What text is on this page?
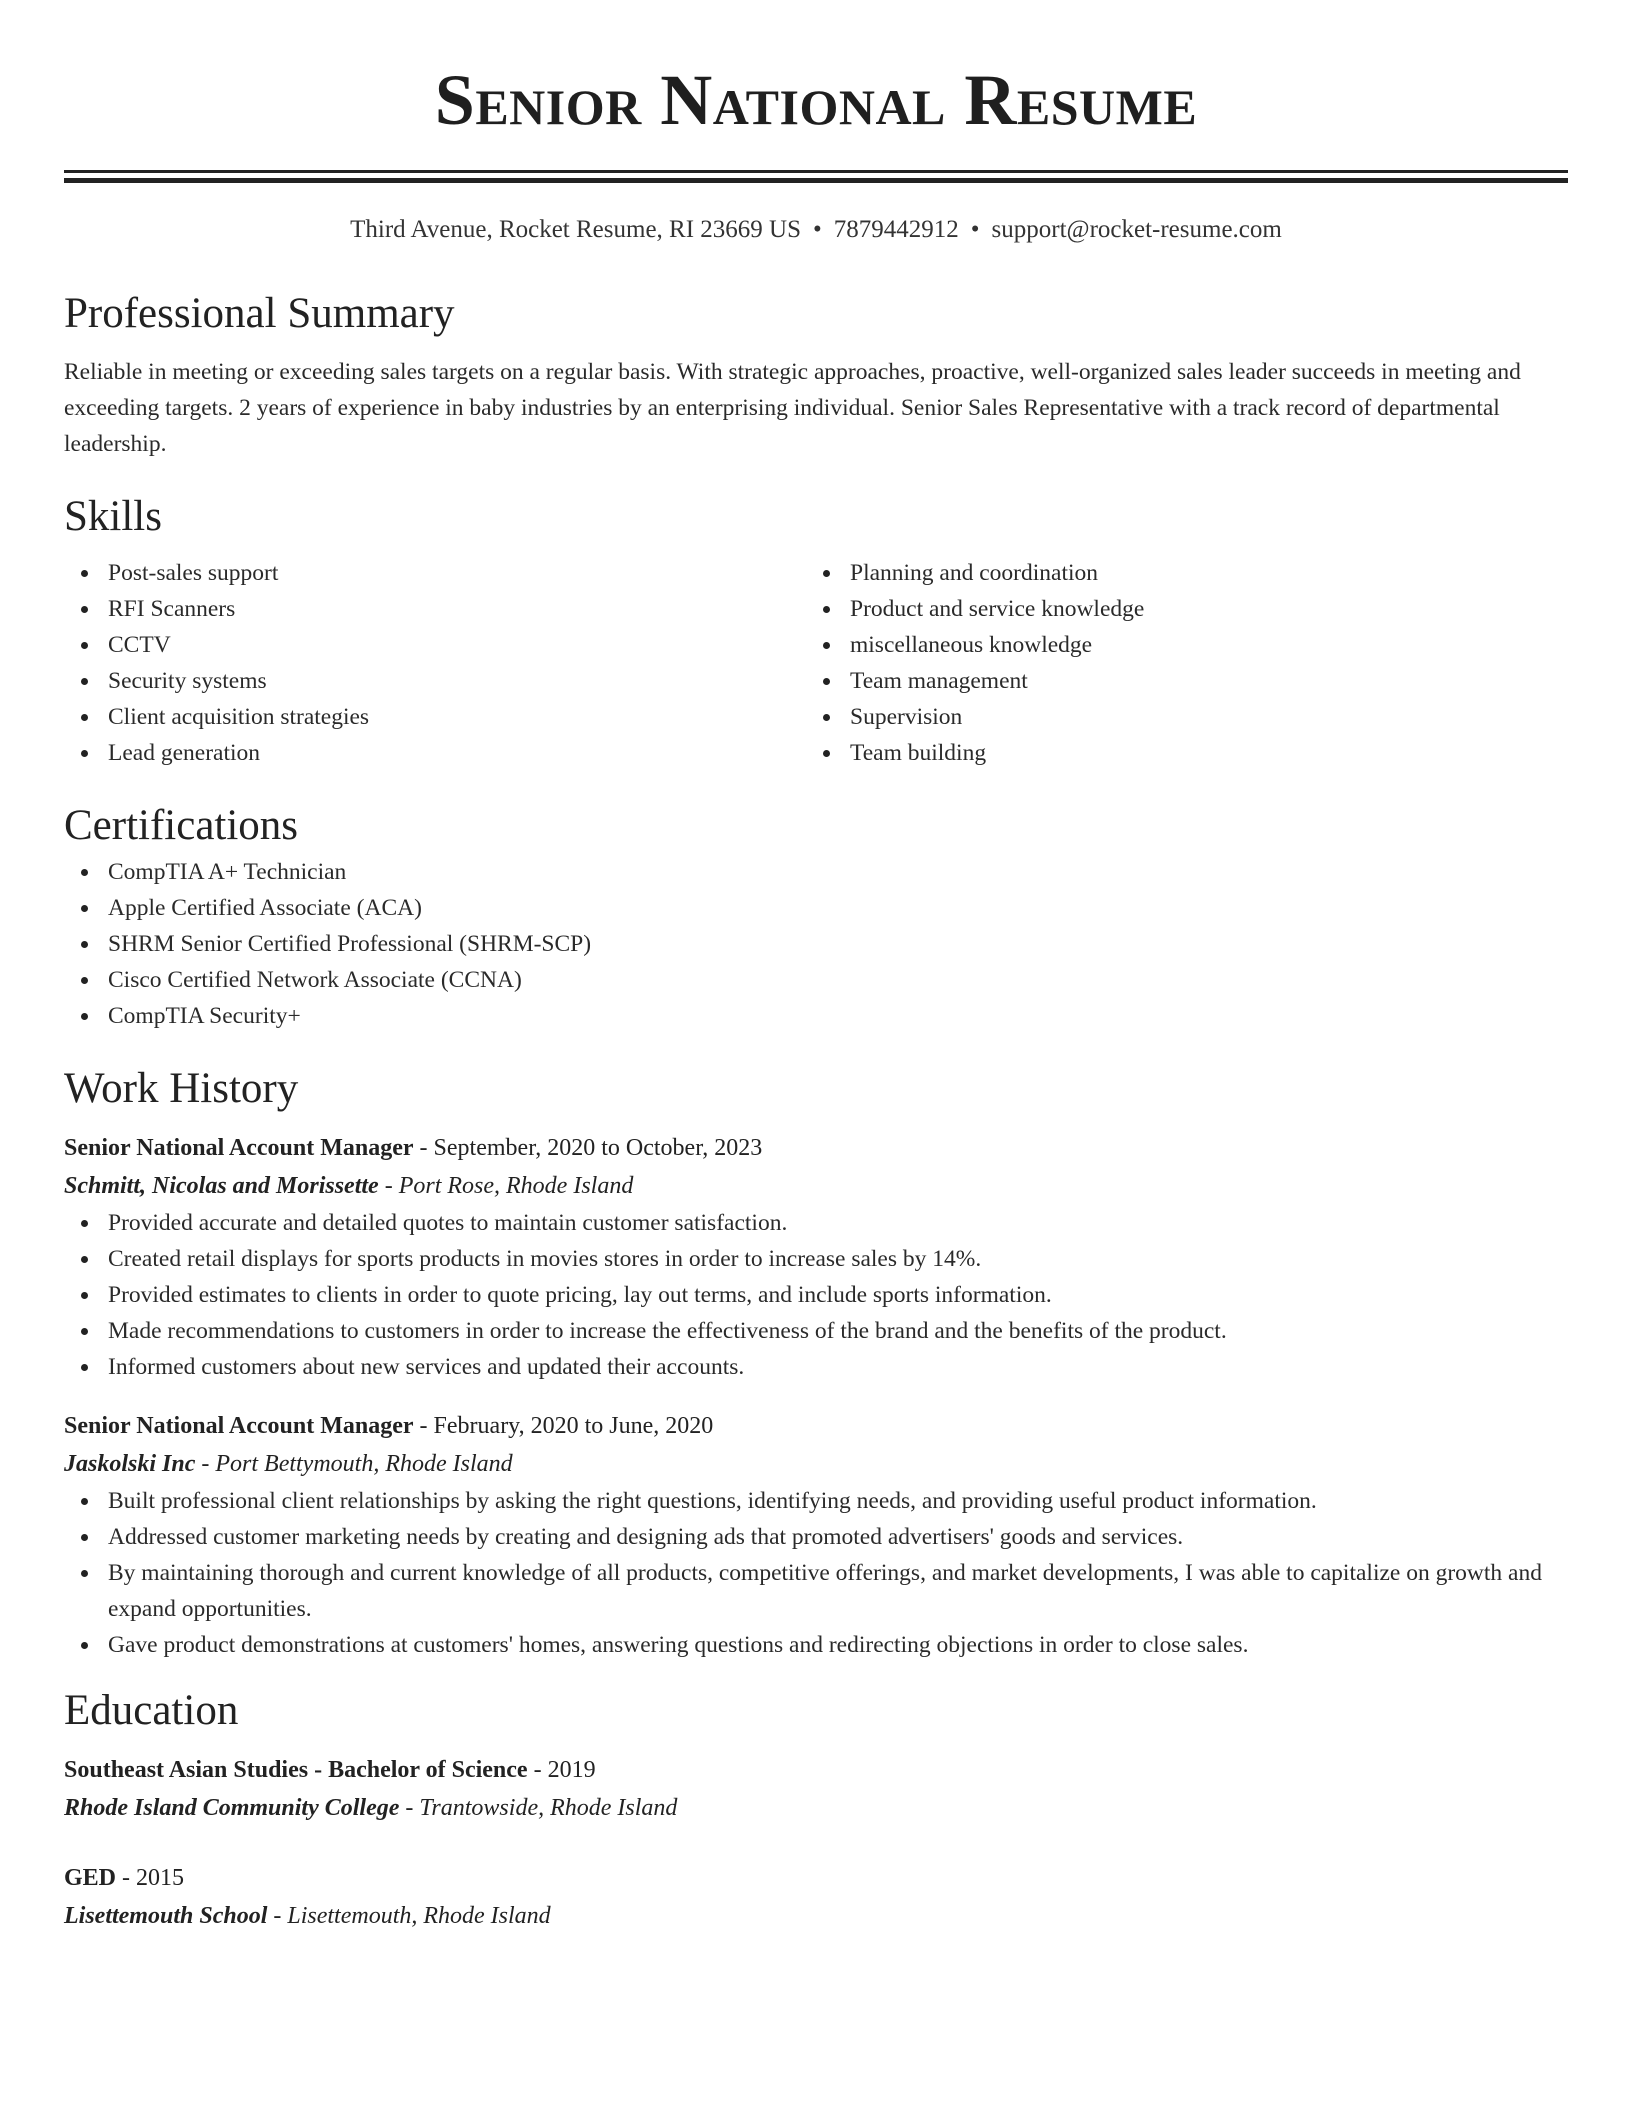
Senior National Resume
Third Avenue, Rocket Resume, RI 23669 US • 7879442912 • support@rocket-resume.com
Professional Summary

Reliable in meeting or exceeding sales targets on a regular basis. With strategic approaches, proactive, well-organized sales leader succeeds in meeting and exceeding targets. 2 years of experience in baby industries by an enterprising individual. Senior Sales Representative with a track record of departmental leadership.

Skills
Post-sales support
RFI Scanners
CCTV
Security systems
Client acquisition strategies
Lead generation
Planning and coordination
Product and service knowledge
miscellaneous knowledge
Team management
Supervision
Team building
Certifications
CompTIA A+ Technician
Apple Certified Associate (ACA)
SHRM Senior Certified Professional (SHRM-SCP)
Cisco Certified Network Associate (CCNA)
CompTIA Security+
Work History
Senior National Account Manager - September, 2020 to October, 2023
Schmitt, Nicolas and Morissette - Port Rose, Rhode Island
Provided accurate and detailed quotes to maintain customer satisfaction.
Created retail displays for sports products in movies stores in order to increase sales by 14%.
Provided estimates to clients in order to quote pricing, lay out terms, and include sports information.
Made recommendations to customers in order to increase the effectiveness of the brand and the benefits of the product.
Informed customers about new services and updated their accounts.
Senior National Account Manager - February, 2020 to June, 2020
Jaskolski Inc - Port Bettymouth, Rhode Island
Built professional client relationships by asking the right questions, identifying needs, and providing useful product information.
Addressed customer marketing needs by creating and designing ads that promoted advertisers' goods and services.
By maintaining thorough and current knowledge of all products, competitive offerings, and market developments, I was able to capitalize on growth and expand opportunities.
Gave product demonstrations at customers' homes, answering questions and redirecting objections in order to close sales.
Education
Southeast Asian Studies - Bachelor of Science - 2019
Rhode Island Community College - Trantowside, Rhode Island
GED - 2015
Lisettemouth School - Lisettemouth, Rhode Island
